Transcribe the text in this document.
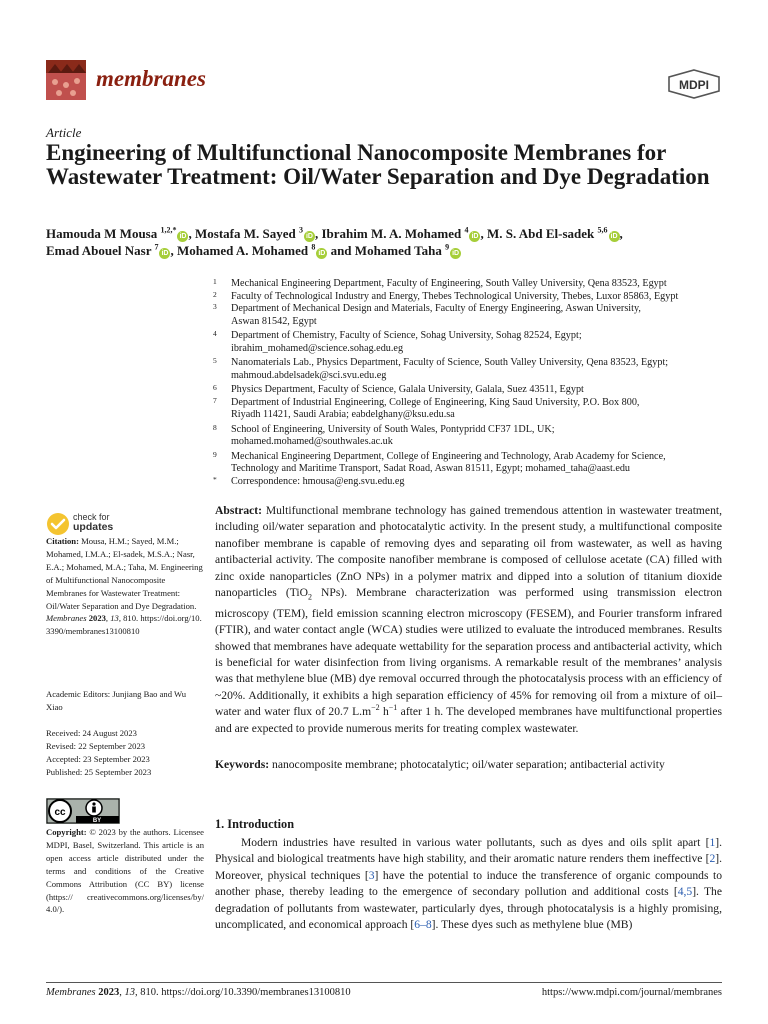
membranes	MDPI
Article
Engineering of Multifunctional Nanocomposite Membranes for Wastewater Treatment: Oil/Water Separation and Dye Degradation
Hamouda M Mousa $^{1,2,*}$iD , Mostafa M. Sayed $^3$iD , Ibrahim M. A. Mohamed $^4$iD , M. S. Abd El-sadek $^{5,6}$iD ,
Emad Abouel Nasr $^7$iD , Mohamed A. Mohamed $^8$iD and Mohamed Taha $^9$iD
1 Mechanical Engineering Department, Faculty of Engineering, South Valley University, Qena 83523, Egypt
2 Faculty of Technological Industry and Energy, Thebes Technological University, Thebes, Luxor 85863, Egypt
3 Department of Mechanical Design and Materials, Faculty of Energy Engineering, Aswan University,
Aswan 81542, Egypt
4 Department of Chemistry, Faculty of Science, Sohag University, Sohag 82524, Egypt;
ibrahim_mohamed@science.sohag.edu.eg
5 Nanomaterials Lab., Physics Department, Faculty of Science, South Valley University, Qena 83523, Egypt;
mahmoud.abdelsadek@sci.svu.edu.eg
6 Physics Department, Faculty of Science, Galala University, Galala, Suez 43511, Egypt
7 Department of Industrial Engineering, College of Engineering, King Saud University, P.O. Box 800,
Riyadh 11421, Saudi Arabia; eabdelghany@ksu.edu.sa
8 School of Engineering, University of South Wales, Pontypridd CF37 1DL, UK;
mohamed.mohamed@southwales.ac.uk
9 Mechanical Engineering Department, College of Engineering and Technology, Arab Academy for Science,
Technology and Maritime Transport, Sadat Road, Aswan 81511, Egypt; mohamed_taha@aast.edu
* Correspondence: hmousa@eng.svu.edu.eg
check for
updates
Citation: Mousa, H.M.; Sayed, M.M.; Mohamed, I.M.A.; El-sadek, M.S.A.; Nasr, E.A.; Mohamed, M.A.; Taha, M. Engineering of Multifunctional Nanocomposite Membranes for Wastewater Treatment: Oil/Water Separation and Dye Degradation. Membranes 2023, 13, 810. https://doi.org/10.3390/membranes13100810
Academic Editors: Junjiang Bao and Wu Xiao
Received: 24 August 2023
Revised: 22 September 2023
Accepted: 23 September 2023
Published: 25 September 2023
cc
BY
Copyright: © 2023 by the authors. Licensee MDPI, Basel, Switzerland. This article is an open access article distributed under the terms and conditions of the Creative Commons Attribution (CC BY) license (https:// creativecommons.org/licenses/by/ 4.0/).
Abstract: Multifunctional membrane technology has gained tremendous attention in wastewater treatment, including oil/water separation and photocatalytic activity. In the present study, a multifunctional composite nanofiber membrane is capable of removing dyes and separating oil from wastewater, as well as having antibacterial activity. The composite nanofiber membrane is composed of cellulose acetate (CA) filled with zinc oxide nanoparticles (ZnO NPs) in a polymer matrix and dipped into a solution of titanium dioxide nanoparticles (TiO$_2$ NPs). Membrane characterization was performed using transmission electron microscopy (TEM), field emission scanning electron microscopy (FESEM), and Fourier transform infrared (FTIR), and water contact angle (WCA) studies were utilized to evaluate the introduced membranes. Results showed that membranes have adequate wettability for the separation process and antibacterial activity, which is beneficial for water disinfection from living organisms. A remarkable result of the membranes’ analysis was that methylene blue (MB) dye removal occurred through the photocatalysis process with an efficiency of ~20%. Additionally, it exhibits a high separation efficiency of 45% for removing oil from a mixture of oil–water and water flux of 20.7 $L.m^{-2}$ $h^{-1}$ after 1 h. The developed membranes have multifunctional properties and are expected to provide numerous merits for treating complex wastewater.
Keywords: nanocomposite membrane; photocatalytic; oil/water separation; antibacterial activity
1. Introduction
Modern industries have resulted in various water pollutants, such as dyes and oils split apart [1]. Physical and biological treatments have high stability, and their aromatic nature renders them ineffective [2]. Moreover, physical techniques [3] have the potential to induce the transference of organic compounds to another phase, thereby leading to the emergence of secondary pollution and additional costs [4,5]. The degradation of pollutants from wastewater, particularly dyes, through photocatalysis is a highly promising, uncomplicated, and economical approach [6–8]. These dyes such as methylene blue (MB)
Membranes 2023, 13, 810. https://doi.org/10.3390/membranes13100810	https://www.mdpi.com/journal/membranes
